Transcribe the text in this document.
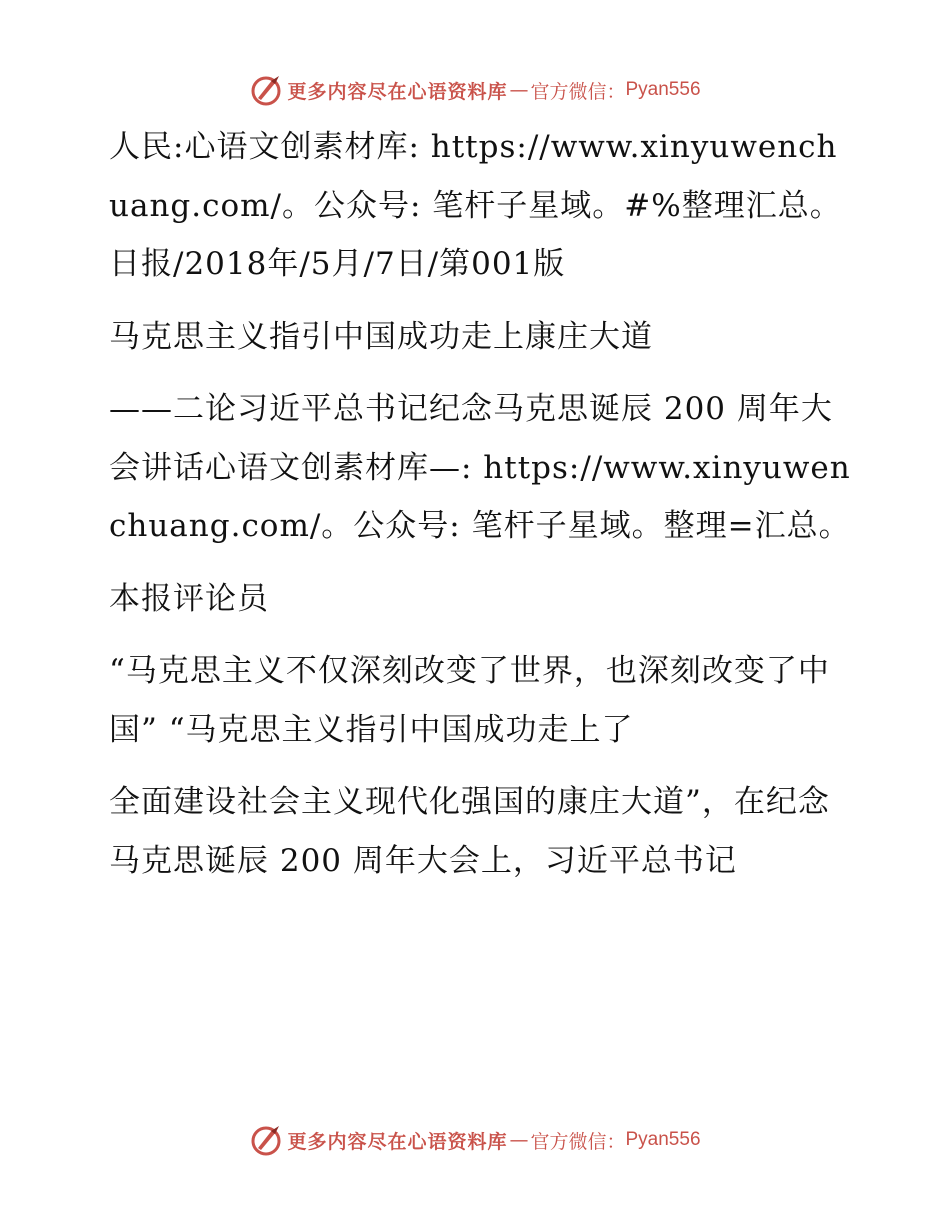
更多内容尽在心语资料库 — 官方微信： Pyan556

人民:心语文创素材库: https://www.xinyuwenchuang.com/。公众号: 笔杆子星域。#%整理汇总。日报/2018年/5月/7日/第001版

马克思主义指引中国成功走上康庄大道

——二论习近平总书记纪念马克思诞辰 200 周年大会讲话心语文创素材库—: https://www.xinyuwenchuang.com/。公众号: 笔杆子星域。整理=汇总。

本报评论员

“马克思主义不仅深刻改变了世界，也深刻改变了中国” “马克思主义指引中国成功走上了

全面建设社会主义现代化强国的康庄大道”，在纪念马克思诞辰 200 周年大会上，习近平总书记

更多内容尽在心语资料库 — 官方微信： Pyan556
